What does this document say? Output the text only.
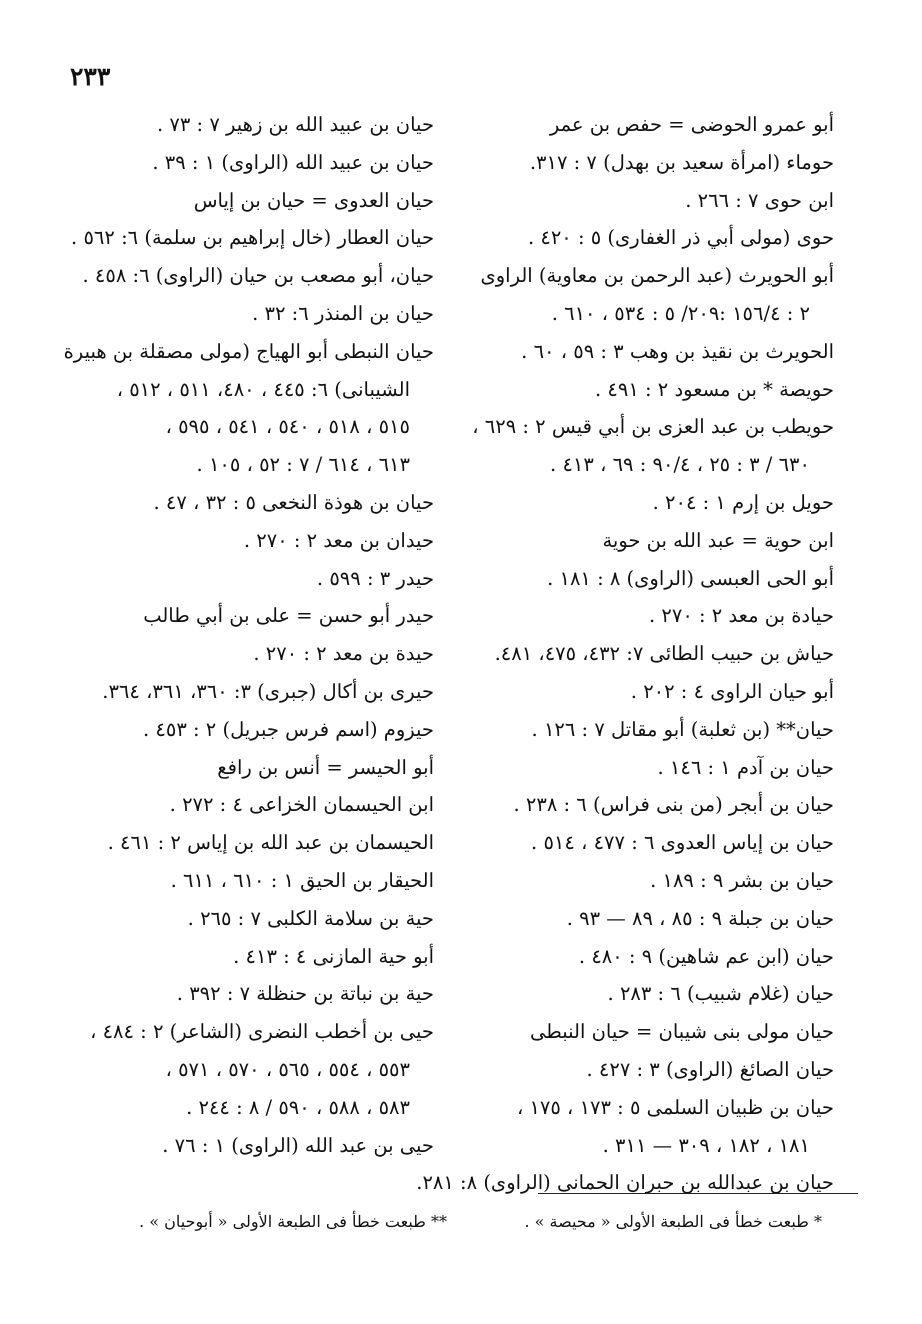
٢٣٣
أبو عمرو الحوضى = حفص بن عمر
حوماء (امرأة سعيد بن بهدل) ٧ : ٣١٧.
ابن حوى ٧ : ٢٦٦ .
حوى (مولى أبي ذر الغفارى) ٥ : ٤٢٠ .
أبو الحويرث (عبد الرحمن بن معاوية) الراوى
٢ : ١٥٦/٤ :٢٠٩/ ٥ : ٥٣٤ ، ٦١٠ .
الحويرث بن نقيذ بن وهب ٣ : ٥٩ ، ٦٠ .
حويصة * بن مسعود ٢ : ٤٩١ .
حويطب بن عبد العزى بن أبي قيس ٢ : ٦٢٩ ،
٦٣٠ / ٣ : ٢٥ ، ٩٠/٤ : ٦٩ ، ٤١٣ .
حويل بن إرم ١ : ٢٠٤ .
ابن حوية = عبد الله بن حوية
أبو الحى العبسى (الراوى) ٨ : ١٨١ .
حيادة بن معد ٢ : ٢٧٠ .
حياش بن حبيب الطائى ٧: ٤٣٢، ٤٧٥، ٤٨١.
أبو حيان الراوى ٤ : ٢٠٢ .
حيان** (بن ثعلبة) أبو مقاتل ٧ : ١٢٦ .
حيان بن آدم ١ : ١٤٦ .
حيان بن أبجر (من بنى فراس) ٦ : ٢٣٨ .
حيان بن إياس العدوى ٦ : ٤٧٧ ، ٥١٤ .
حيان بن بشر ٩ : ١٨٩ .
حيان بن جبلة ٩ : ٨٥ ، ٨٩ — ٩٣ .
حيان (ابن عم شاهين) ٩ : ٤٨٠ .
حيان (غلام شبيب) ٦ : ٢٨٣ .
حيان مولى بنى شيبان = حيان النبطى
حيان الصائغ (الراوى) ٣ : ٤٢٧ .
حيان بن ظبيان السلمى ٥ : ١٧٣ ، ١٧٥ ،
١٨١ ، ١٨٢ ، ٣٠٩ — ٣١١ .
حيان بن عبدالله بن حبران الحمانى (الراوى) ٨: ٢٨١.
حيان بن عبيد الله بن زهير ٧ : ٧٣ .
حيان بن عبيد الله (الراوى) ١ : ٣٩ .
حيان العدوى = حيان بن إياس
حيان العطار (خال إبراهيم بن سلمة) ٦: ٥٦٢ .
حيان، أبو مصعب بن حيان (الراوى) ٦: ٤٥٨ .
حيان بن المنذر ٦: ٣٢ .
حيان النبطى أبو الهياج (مولى مصقلة بن هبيرة
الشيبانى) ٦: ٤٤٥ ، ٤٨٠، ٥١١ ، ٥١٢ ،
٥١٥ ، ٥١٨ ، ٥٤٠ ، ٥٤١ ، ٥٩٥ ،
٦١٣ ، ٦١٤ / ٧ : ٥٢ ، ١٠٥ .
حيان بن هوذة النخعى ٥ : ٣٢ ، ٤٧ .
حيدان بن معد ٢ : ٢٧٠ .
حيدر ٣ : ٥٩٩ .
حيدر أبو حسن = على بن أبي طالب
حيدة بن معد ٢ : ٢٧٠ .
حيرى بن أكال (جبرى) ٣: ٣٦٠، ٣٦١، ٣٦٤.
حيزوم (اسم فرس جبريل) ٢ : ٤٥٣ .
أبو الحيسر = أنس بن رافع
ابن الحيسمان الخزاعى ٤ : ٢٧٢ .
الحيسمان بن عبد الله بن إياس ٢ : ٤٦١ .
الحيقار بن الحيق ١ : ٦١٠ ، ٦١١ .
حية بن سلامة الكلبى ٧ : ٢٦٥ .
أبو حية المازنى ٤ : ٤١٣ .
حية بن نباتة بن حنظلة ٧ : ٣٩٢ .
حيى بن أخطب النضرى (الشاعر) ٢ : ٤٨٤ ،
٥٥٣ ، ٥٥٤ ، ٥٦٥ ، ٥٧٠ ، ٥٧١ ،
٥٨٣ ، ٥٨٨ ، ٥٩٠ / ٨ : ٢٤٤ .
حيى بن عبد الله (الراوى) ١ : ٧٦ .
* طبعت خطأ فى الطبعة الأولى « محيصة » .
** طبعت خطأ فى الطبعة الأولى « أبوحيان » .
